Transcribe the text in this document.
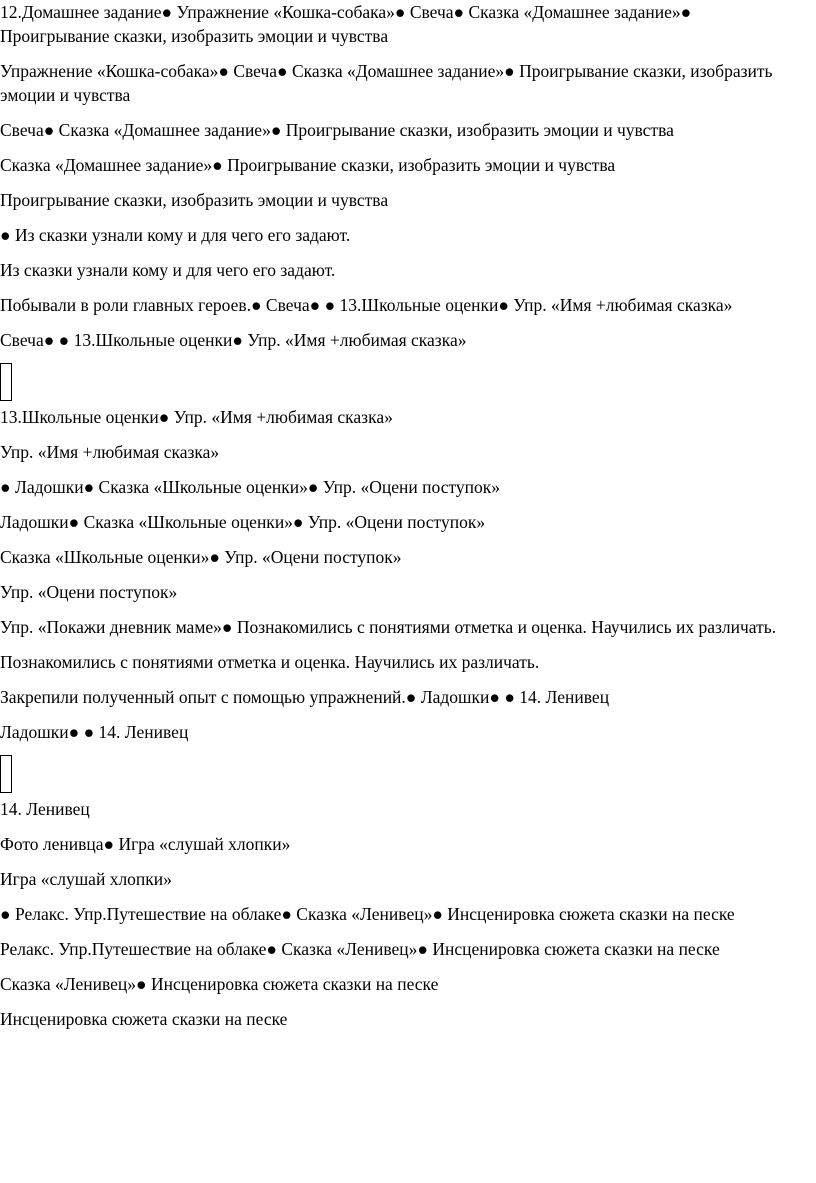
12.Домашнее задание● Упражнение «Кошка-собака»● Свеча● Сказка «Домашнее задание»● Проигрывание сказки, изобразить эмоции и чувства

Упражнение «Кошка-собака»● Свеча● Сказка «Домашнее задание»● Проигрывание сказки, изобразить эмоции и чувства

Свеча● Сказка «Домашнее задание»● Проигрывание сказки, изобразить эмоции и чувства

Сказка «Домашнее задание»● Проигрывание сказки, изобразить эмоции и чувства

Проигрывание сказки, изобразить эмоции и чувства

● Из сказки узнали кому и для чего его задают.

Из сказки узнали кому и для чего его задают.

Побывали в роли главных героев.● Свеча● ● 13.Школьные оценки● Упр. «Имя +любимая сказка»

Свеча● ● 13.Школьные оценки● Упр. «Имя +любимая сказка»

13.Школьные оценки● Упр. «Имя +любимая сказка»

Упр. «Имя +любимая сказка»

● Ладошки● Сказка «Школьные оценки»● Упр. «Оцени поступок»

Ладошки● Сказка «Школьные оценки»● Упр. «Оцени поступок»

Сказка «Школьные оценки»● Упр. «Оцени поступок»

Упр. «Оцени поступок»

Упр. «Покажи дневник маме»● Познакомились с понятиями отметка и оценка. Научились их различать.

Познакомились с понятиями отметка и оценка. Научились их различать.

Закрепили полученный опыт с помощью упражнений.● Ладошки● ● 14. Ленивец

Ладошки● ● 14. Ленивец

14. Ленивец

Фото ленивца● Игра «слушай хлопки»

Игра «слушай хлопки»

● Релакс. Упр.Путешествие на облаке● Сказка «Ленивец»● Инсценировка сюжета сказки на песке

Релакс. Упр.Путешествие на облаке● Сказка «Ленивец»● Инсценировка сюжета сказки на песке

Сказка «Ленивец»● Инсценировка сюжета сказки на песке

Инсценировка сюжета сказки на песке
